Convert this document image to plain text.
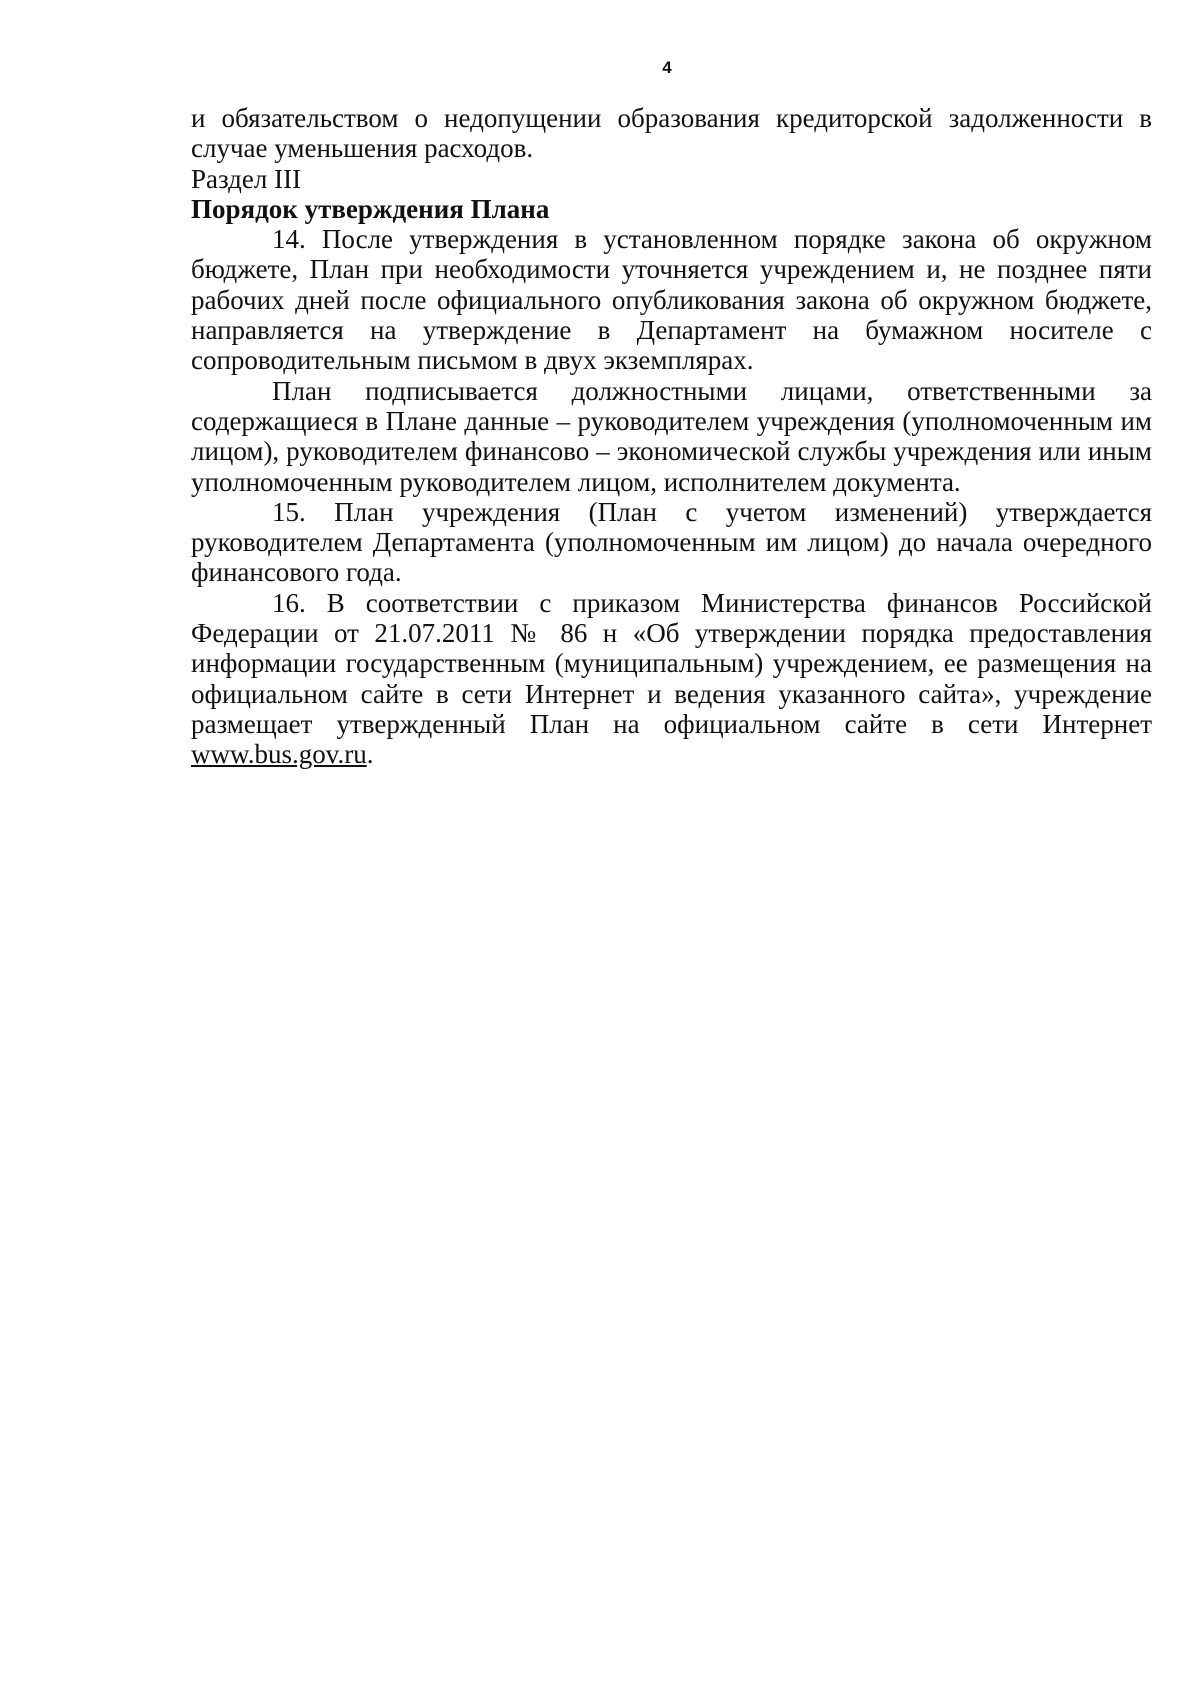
4

и обязательством о недопущении образования кредиторской задолженности в случае уменьшения расходов.

Раздел III

Порядок утверждения Плана

14. После утверждения в установленном порядке закона об окружном бюджете, План при необходимости уточняется учреждением и, не позднее пяти рабочих дней после официального опубликования закона об окружном бюджете, направляется на утверждение в Департамент на бумажном носителе с сопроводительным письмом в двух экземплярах.

План подписывается должностными лицами, ответственными за содержащиеся в Плане данные – руководителем учреждения (уполномоченным им лицом), руководителем финансово – экономической службы учреждения или иным уполномоченным руководителем лицом, исполнителем документа.

15. План учреждения (План с учетом изменений) утверждается руководителем Департамента (уполномоченным им лицом) до начала очередного финансового года.

16. В соответствии с приказом Министерства финансов Российской Федерации от 21.07.2011 № 86 н «Об утверждении порядка предоставления информации государственным (муниципальным) учреждением, ее размещения на официальном сайте в сети Интернет и ведения указанного сайта», учреждение размещает утвержденный План на официальном сайте в сети Интернет www.bus.gov.ru.
